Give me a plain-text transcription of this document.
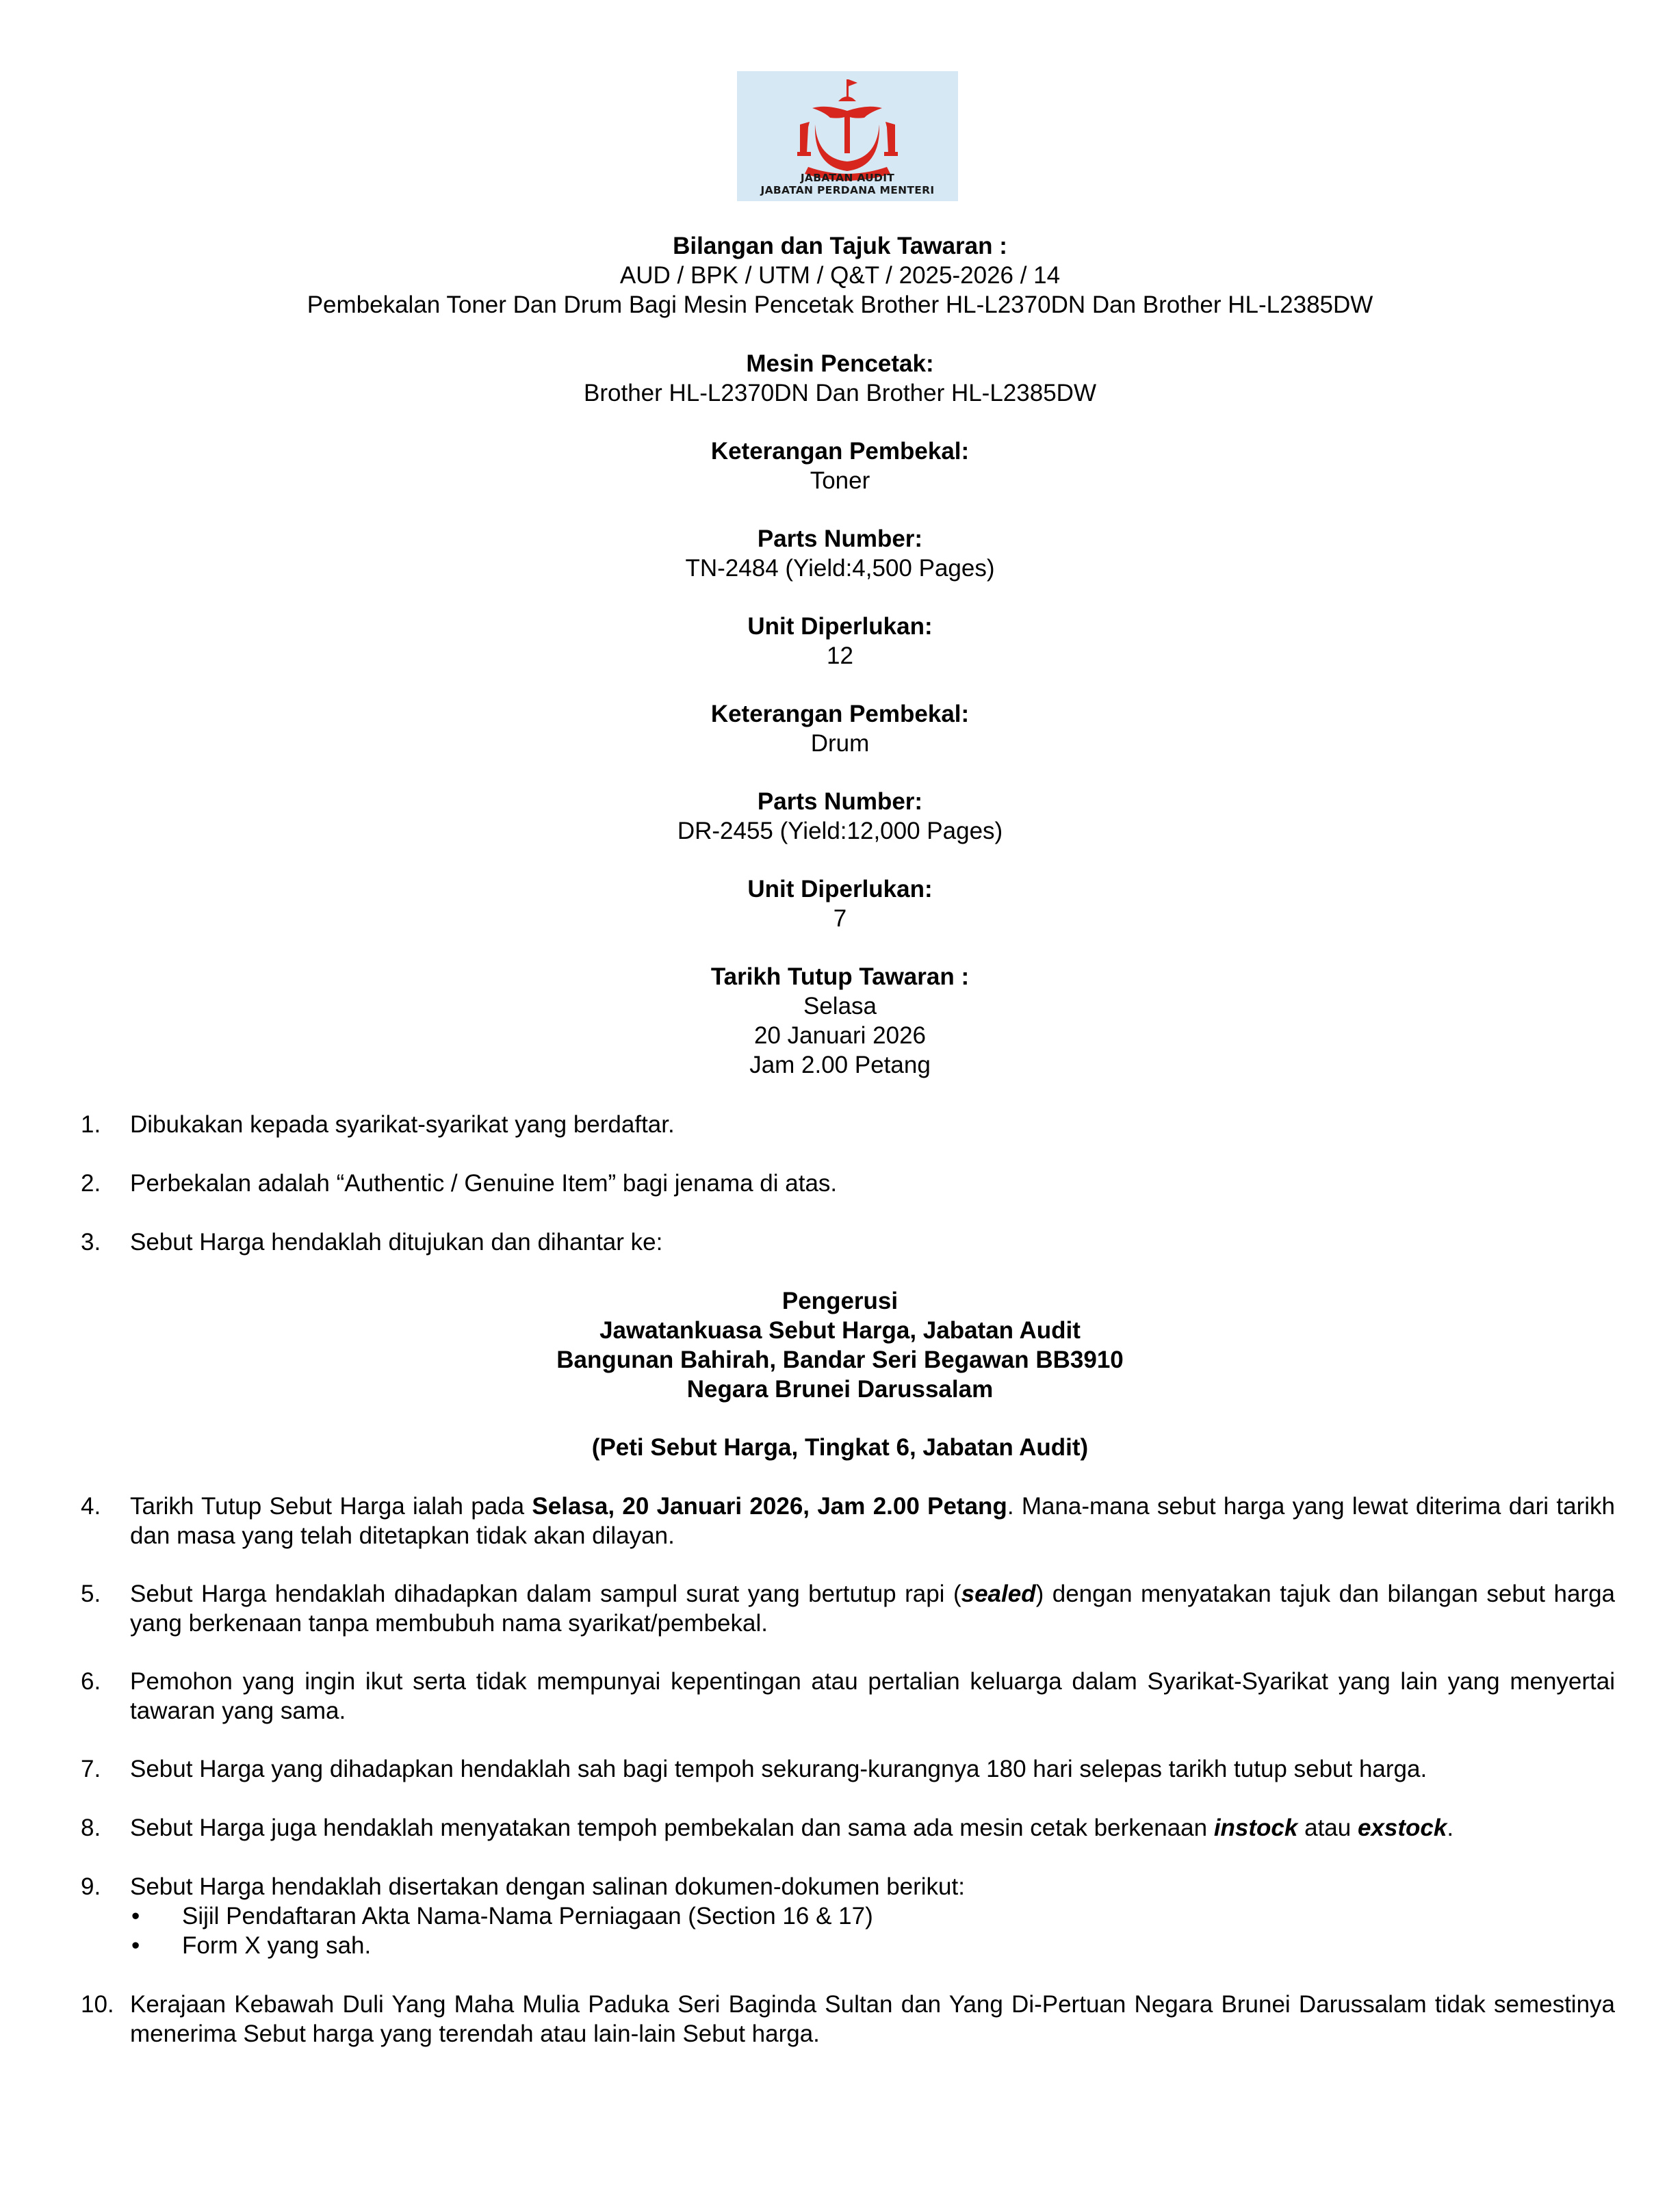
JABATAN AUDIT
JABATAN PERDANA MENTERI
Bilangan dan Tajuk Tawaran :
AUD / BPK / UTM / Q&T / 2025-2026 / 14
Pembekalan Toner Dan Drum Bagi Mesin Pencetak Brother HL-L2370DN Dan Brother HL-L2385DW
Mesin Pencetak:
Brother HL-L2370DN Dan Brother HL-L2385DW
Keterangan Pembekal:
Toner
Parts Number:
TN-2484 (Yield:4,500 Pages)
Unit Diperlukan:
12
Keterangan Pembekal:
Drum
Parts Number:
DR-2455 (Yield:12,000 Pages)
Unit Diperlukan:
7
Tarikh Tutup Tawaran :
Selasa
20 Januari 2026
Jam 2.00 Petang
1. Dibukakan kepada syarikat-syarikat yang berdaftar.
2. Perbekalan adalah “Authentic / Genuine Item” bagi jenama di atas.
3. Sebut Harga hendaklah ditujukan dan dihantar ke:
Pengerusi
Jawatankuasa Sebut Harga, Jabatan Audit
Bangunan Bahirah, Bandar Seri Begawan BB3910
Negara Brunei Darussalam
(Peti Sebut Harga, Tingkat 6, Jabatan Audit)
4. Tarikh Tutup Sebut Harga ialah pada Selasa, 20 Januari 2026, Jam 2.00 Petang. Mana-mana sebut harga yang lewat diterima dari tarikh dan masa yang telah ditetapkan tidak akan dilayan.
5. Sebut Harga hendaklah dihadapkan dalam sampul surat yang bertutup rapi (sealed) dengan menyatakan tajuk dan bilangan sebut harga yang berkenaan tanpa membubuh nama syarikat/pembekal.
6. Pemohon yang ingin ikut serta tidak mempunyai kepentingan atau pertalian keluarga dalam Syarikat-Syarikat yang lain yang menyertai tawaran yang sama.
7. Sebut Harga yang dihadapkan hendaklah sah bagi tempoh sekurang-kurangnya 180 hari selepas tarikh tutup sebut harga.
8. Sebut Harga juga hendaklah menyatakan tempoh pembekalan dan sama ada mesin cetak berkenaan instock atau exstock.
9. Sebut Harga hendaklah disertakan dengan salinan dokumen-dokumen berikut:
• Sijil Pendaftaran Akta Nama-Nama Perniagaan (Section 16 & 17)
• Form X yang sah.
10. Kerajaan Kebawah Duli Yang Maha Mulia Paduka Seri Baginda Sultan dan Yang Di-Pertuan Negara Brunei Darussalam tidak semestinya menerima Sebut harga yang terendah atau lain-lain Sebut harga.
